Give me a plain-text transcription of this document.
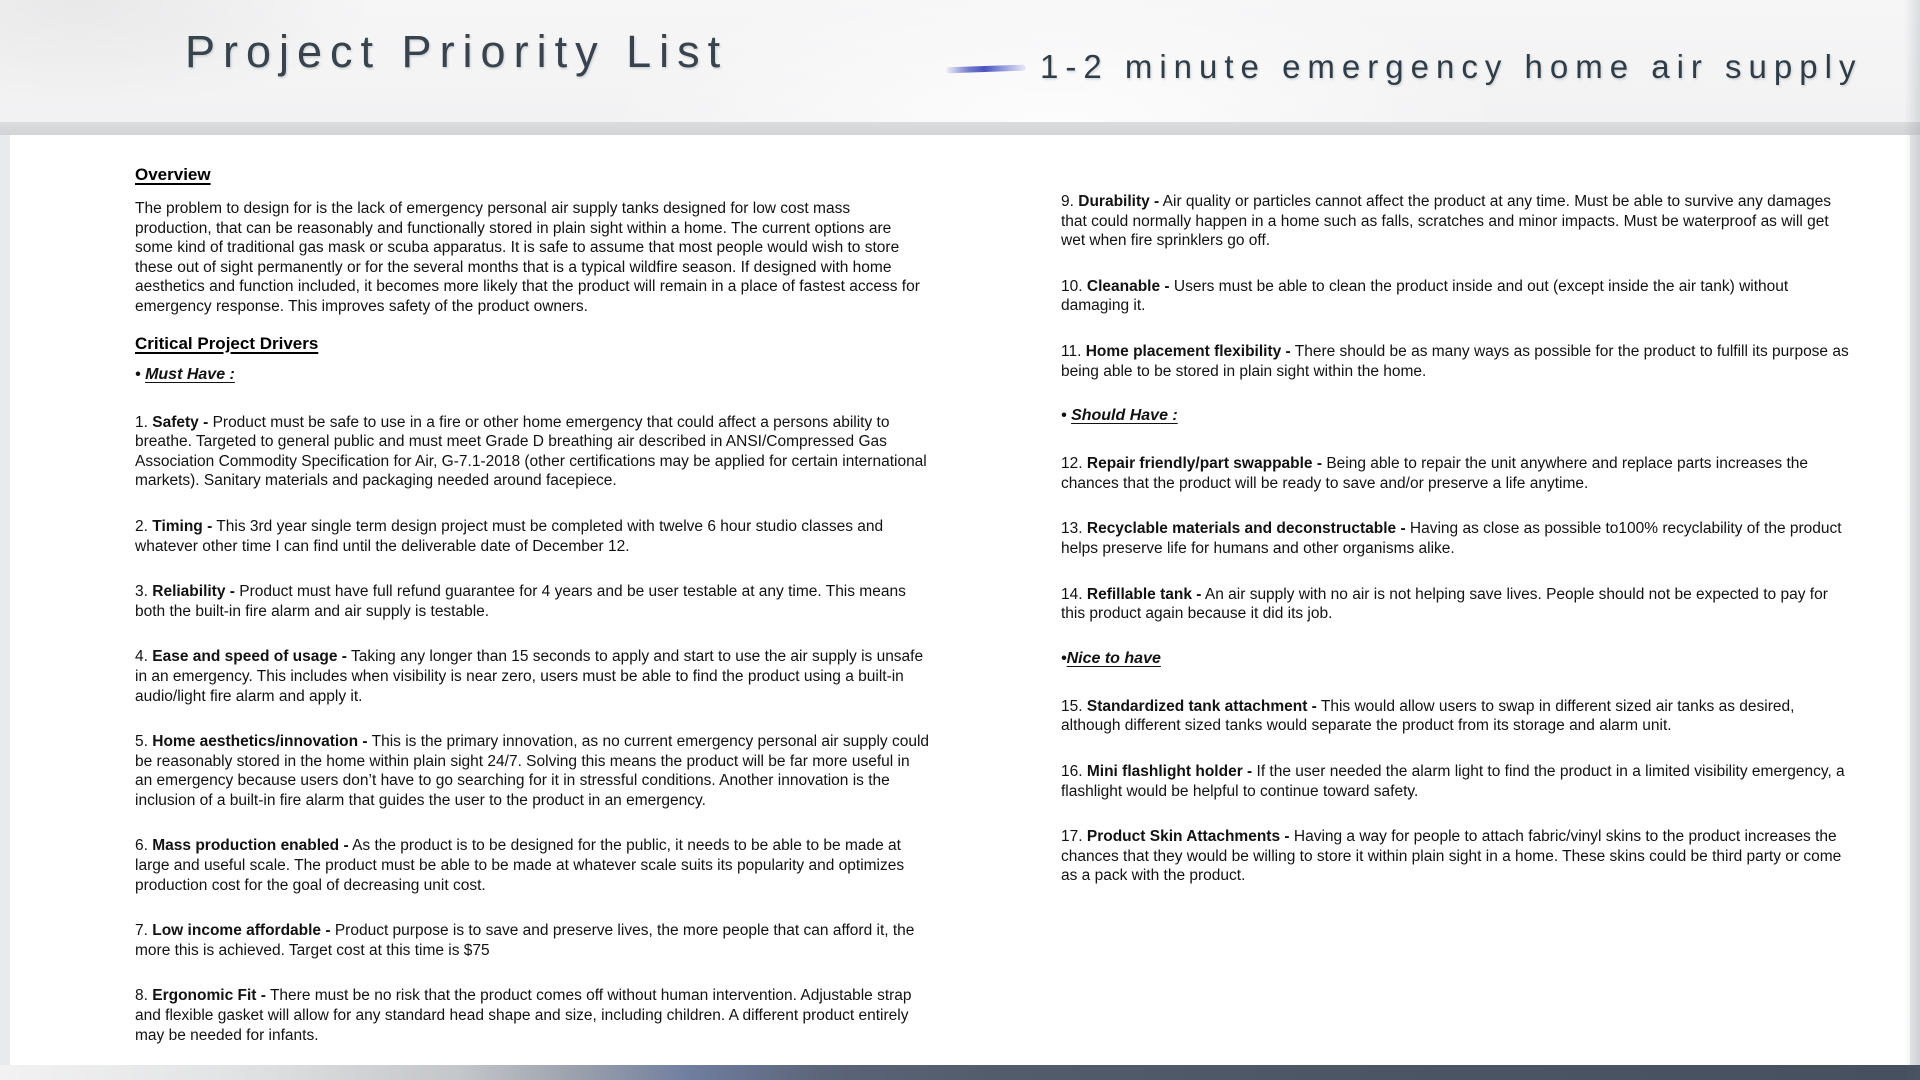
Project Priority List	1-2 minute emergency home air supply
Overview

The problem to design for is the lack of emergency personal air supply tanks designed for low cost mass production, that can be reasonably and functionally stored in plain sight within a home. The current options are some kind of traditional gas mask or scuba apparatus. It is safe to assume that most people would wish to store these out of sight permanently or for the several months that is a typical wildfire season. If designed with home aesthetics and function included, it becomes more likely that the product will remain in a place of fastest access for emergency response. This improves safety of the product owners.

Critical Project Drivers
• Must Have :

1. Safety - Product must be safe to use in a fire or other home emergency that could affect a persons ability to breathe. Targeted to general public and must meet Grade D breathing air described in ANSI/Compressed Gas Association Commodity Specification for Air, G-7.1-2018 (other certifications may be applied for certain international markets). Sanitary materials and packaging needed around facepiece.

2. Timing - This 3rd year single term design project must be completed with twelve 6 hour studio classes and whatever other time I can find until the deliverable date of December 12.

3. Reliability - Product must have full refund guarantee for 4 years and be user testable at any time. This means both the built-in fire alarm and air supply is testable.

4. Ease and speed of usage - Taking any longer than 15 seconds to apply and start to use the air supply is unsafe in an emergency. This includes when visibility is near zero, users must be able to find the product using a built-in audio/light fire alarm and apply it.

5. Home aesthetics/innovation - This is the primary innovation, as no current emergency personal air supply could be reasonably stored in the home within plain sight 24/7. Solving this means the product will be far more useful in an emergency because users don’t have to go searching for it in stressful conditions. Another innovation is the inclusion of a built-in fire alarm that guides the user to the product in an emergency.

6. Mass production enabled - As the product is to be designed for the public, it needs to be able to be made at large and useful scale. The product must be able to be made at whatever scale suits its popularity and optimizes production cost for the goal of decreasing unit cost.

7. Low income affordable - Product purpose is to save and preserve lives, the more people that can afford it, the more this is achieved. Target cost at this time is $75

8. Ergonomic Fit - There must be no risk that the product comes off without human intervention. Adjustable strap and flexible gasket will allow for any standard head shape and size, including children. A different product entirely may be needed for infants.

9. Durability - Air quality or particles cannot affect the product at any time. Must be able to survive any damages that could normally happen in a home such as falls, scratches and minor impacts. Must be waterproof as will get wet when fire sprinklers go off.

10. Cleanable - Users must be able to clean the product inside and out (except inside the air tank) without damaging it.

11. Home placement flexibility - There should be as many ways as possible for the product to fulfill its purpose as being able to be stored in plain sight within the home.

• Should Have :

12. Repair friendly/part swappable - Being able to repair the unit anywhere and replace parts increases the chances that the product will be ready to save and/or preserve a life anytime.

13. Recyclable materials and deconstructable - Having as close as possible to100% recyclability of the product helps preserve life for humans and other organisms alike.

14. Refillable tank - An air supply with no air is not helping save lives. People should not be expected to pay for this product again because it did its job.

•Nice to have

15. Standardized tank attachment - This would allow users to swap in different sized air tanks as desired, although different sized tanks would separate the product from its storage and alarm unit.

16. Mini flashlight holder - If the user needed the alarm light to find the product in a limited visibility emergency, a flashlight would be helpful to continue toward safety.

17. Product Skin Attachments - Having a way for people to attach fabric/vinyl skins to the product increases the chances that they would be willing to store it within plain sight in a home. These skins could be third party or come as a pack with the product.
